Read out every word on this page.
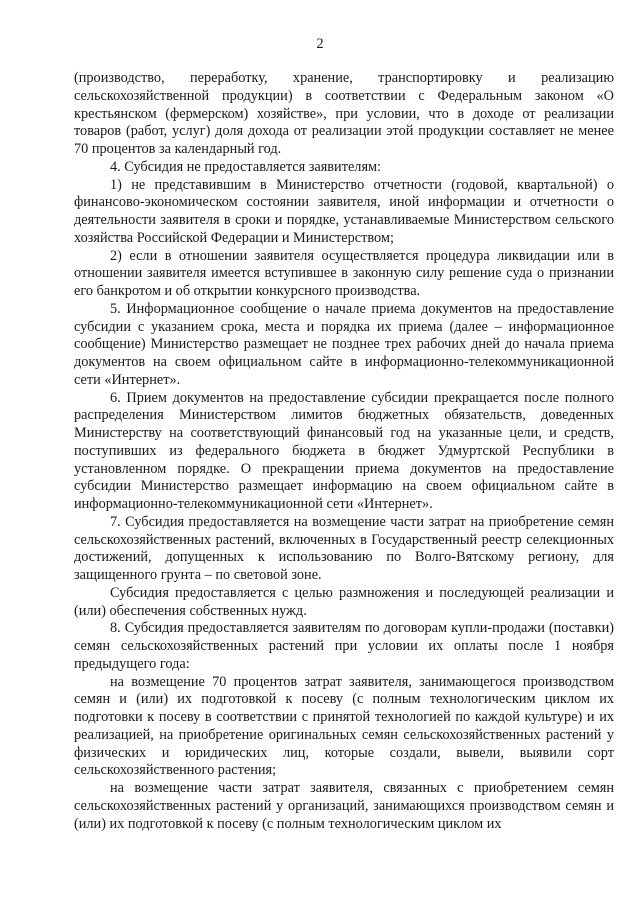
2

(производство, переработку, хранение, транспортировку и реализацию сельскохозяйственной продукции) в соответствии с Федеральным законом «О крестьянском (фермерском) хозяйстве», при условии, что в доходе от реализации товаров (работ, услуг) доля дохода от реализации этой продукции составляет не менее 70 процентов за календарный год.

4. Субсидия не предоставляется заявителям:

1) не представившим в Министерство отчетности (годовой, квартальной) о финансово-экономическом состоянии заявителя, иной информации и отчетности о деятельности заявителя в сроки и порядке, устанавливаемые Министерством сельского хозяйства Российской Федерации и Министерством;

2) если в отношении заявителя осуществляется процедура ликвидации или в отношении заявителя имеется вступившее в законную силу решение суда о признании его банкротом и об открытии конкурсного производства.

5. Информационное сообщение о начале приема документов на предоставление субсидии с указанием срока, места и порядка их приема (далее – информационное сообщение) Министерство размещает не позднее трех рабочих дней до начала приема документов на своем официальном сайте в информационно-телекоммуникационной сети «Интернет».

6. Прием документов на предоставление субсидии прекращается после полного распределения Министерством лимитов бюджетных обязательств, доведенных Министерству на соответствующий финансовый год на указанные цели, и средств, поступивших из федерального бюджета в бюджет Удмуртской Республики в установленном порядке. О прекращении приема документов на предоставление субсидии Министерство размещает информацию на своем официальном сайте в информационно-телекоммуникационной сети «Интернет».

7. Субсидия предоставляется на возмещение части затрат на приобретение семян сельскохозяйственных растений, включенных в Государственный реестр селекционных достижений, допущенных к использованию по Волго-Вятскому региону, для защищенного грунта – по световой зоне.

Субсидия предоставляется с целью размножения и последующей реализации и (или) обеспечения собственных нужд.

8. Субсидия предоставляется заявителям по договорам купли-продажи (поставки) семян сельскохозяйственных растений при условии их оплаты после 1 ноября предыдущего года:

на возмещение 70 процентов затрат заявителя, занимающегося производством семян и (или) их подготовкой к посеву (с полным технологическим циклом их подготовки к посеву в соответствии с принятой технологией по каждой культуре) и их реализацией, на приобретение оригинальных семян сельскохозяйственных растений у физических и юридических лиц, которые создали, вывели, выявили сорт сельскохозяйственного растения;

на возмещение части затрат заявителя, связанных с приобретением семян сельскохозяйственных растений у организаций, занимающихся производством семян и (или) их подготовкой к посеву (с полным технологическим циклом их
